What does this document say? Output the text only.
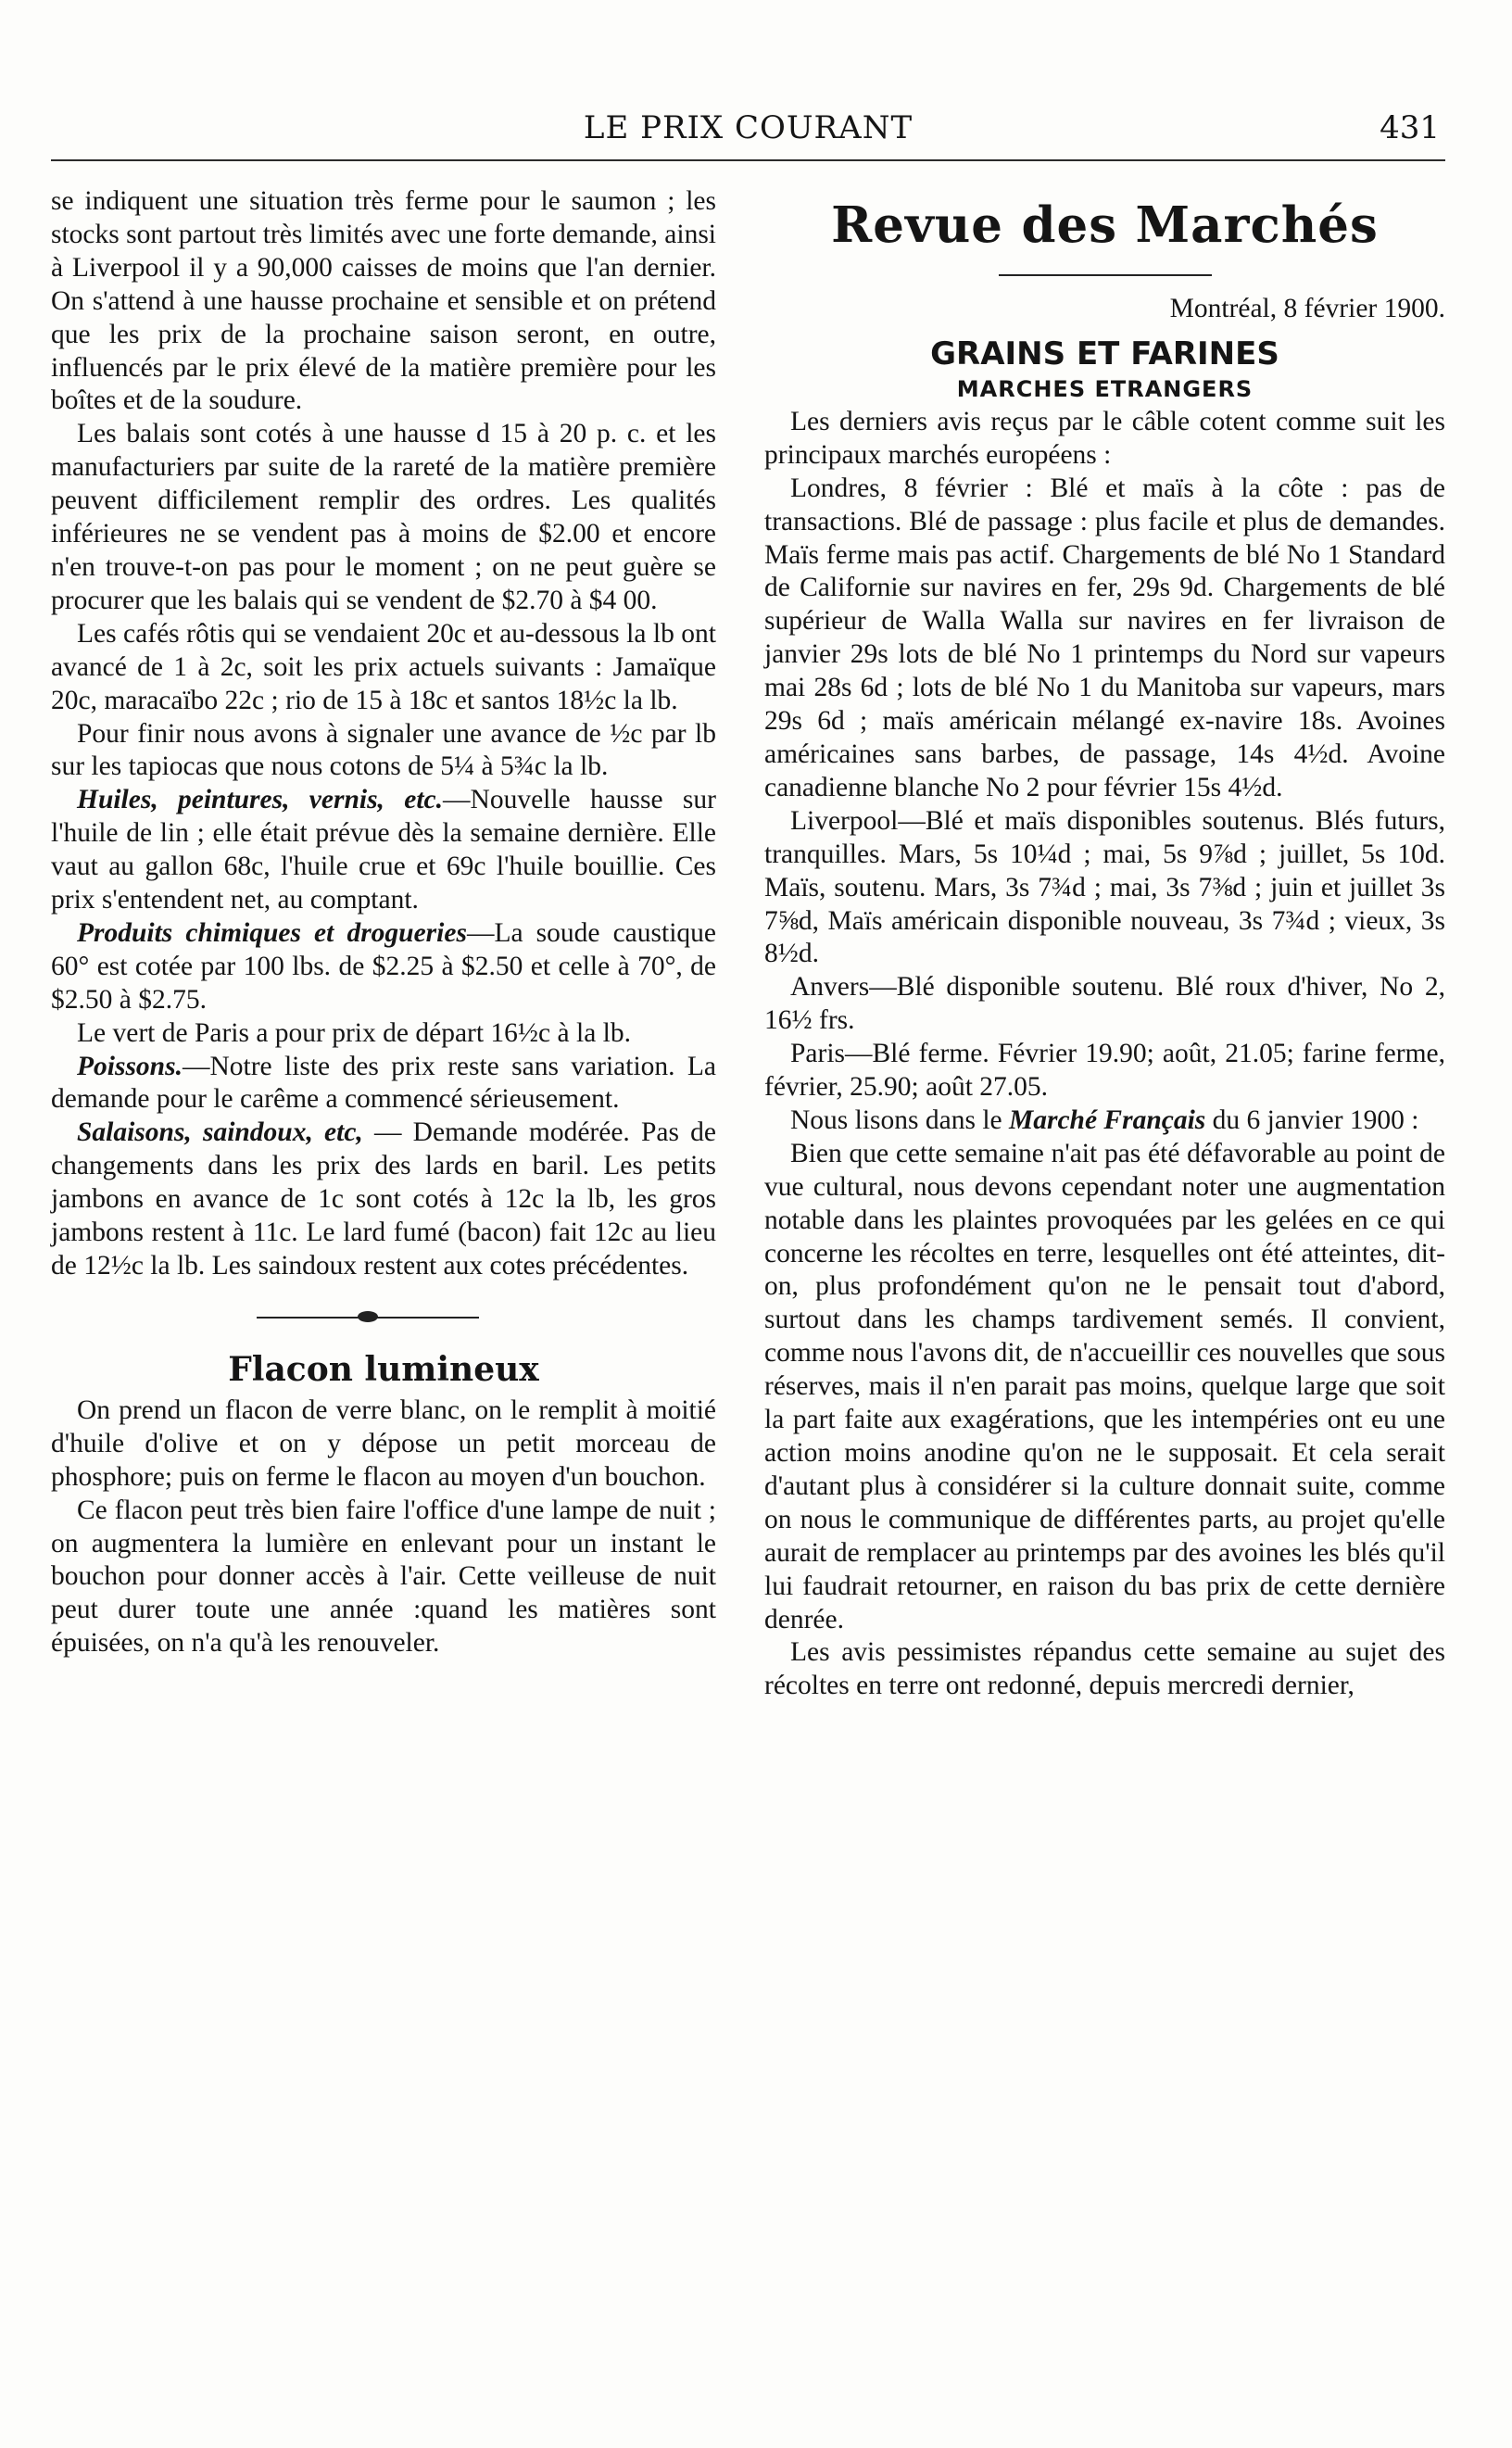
LE PRIX COURANT	431

se indiquent une situation très ferme pour le saumon ; les stocks sont partout très limités avec une forte demande, ainsi à Liverpool il y a 90,000 caisses de moins que l'an dernier. On s'attend à une hausse prochaine et sensible et on prétend que les prix de la prochaine saison seront, en outre, influencés par le prix élevé de la matière première pour les boîtes et de la soudure.

Les balais sont cotés à une hausse d 15 à 20 p. c. et les manufacturiers par suite de la rareté de la matière première peuvent difficilement remplir des ordres. Les qualités inférieures ne se vendent pas à moins de $2.00 et encore n'en trouve-t-on pas pour le moment ; on ne peut guère se procurer que les balais qui se vendent de $2.70 à $4 00.

Les cafés rôtis qui se vendaient 20c et au-dessous la lb ont avancé de 1 à 2c, soit les prix actuels suivants : Jamaïque 20c, maracaïbo 22c ; rio de 15 à 18c et santos 18½c la lb.

Pour finir nous avons à signaler une avance de ½c par lb sur les tapiocas que nous cotons de 5¼ à 5¾c la lb.

Huiles, peintures, vernis, etc.—Nouvelle hausse sur l'huile de lin ; elle était prévue dès la semaine dernière. Elle vaut au gallon 68c, l'huile crue et 69c l'huile bouillie. Ces prix s'entendent net, au comptant.

Produits chimiques et drogueries—La soude caustique 60° est cotée par 100 lbs. de $2.25 à $2.50 et celle à 70°, de $2.50 à $2.75.

Le vert de Paris a pour prix de départ 16½c à la lb.

Poissons.—Notre liste des prix reste sans variation. La demande pour le carême a commencé sérieusement.

Salaisons, saindoux, etc, — Demande modérée. Pas de changements dans les prix des lards en baril. Les petits jambons en avance de 1c sont cotés à 12c la lb, les gros jambons restent à 11c. Le lard fumé (bacon) fait 12c au lieu de 12½c la lb. Les saindoux restent aux cotes précédentes.

Flacon lumineux

On prend un flacon de verre blanc, on le remplit à moitié d'huile d'olive et on y dépose un petit morceau de phosphore; puis on ferme le flacon au moyen d'un bouchon.

Ce flacon peut très bien faire l'office d'une lampe de nuit ; on augmentera la lumière en enlevant pour un instant le bouchon pour donner accès à l'air. Cette veilleuse de nuit peut durer toute une année :quand les matières sont épuisées, on n'a qu'à les renouveler.

Revue des Marchés

Montréal, 8 février 1900.

GRAINS ET FARINES
MARCHES ETRANGERS

Les derniers avis reçus par le câble cotent comme suit les principaux marchés européens :

Londres, 8 février : Blé et maïs à la côte : pas de transactions. Blé de passage : plus facile et plus de demandes. Maïs ferme mais pas actif. Chargements de blé No 1 Standard de Californie sur navires en fer, 29s 9d. Chargements de blé supérieur de Walla Walla sur navires en fer livraison de janvier 29s lots de blé No 1 printemps du Nord sur vapeurs mai 28s 6d ; lots de blé No 1 du Manitoba sur vapeurs, mars 29s 6d ; maïs américain mélangé ex-navire 18s. Avoines américaines sans barbes, de passage, 14s 4½d. Avoine canadienne blanche No 2 pour février 15s 4½d.

Liverpool—Blé et maïs disponibles soutenus. Blés futurs, tranquilles. Mars, 5s 10¼d ; mai, 5s 9⅞d ; juillet, 5s 10d. Maïs, soutenu. Mars, 3s 7¾d ; mai, 3s 7⅜d ; juin et juillet 3s 7⅝d, Maïs américain disponible nouveau, 3s 7¾d ; vieux, 3s 8½d.

Anvers—Blé disponible soutenu. Blé roux d'hiver, No 2, 16½ frs.

Paris—Blé ferme. Février 19.90; août, 21.05; farine ferme, février, 25.90; août 27.05.

Nous lisons dans le Marché Français du 6 janvier 1900 :

Bien que cette semaine n'ait pas été défavorable au point de vue cultural, nous devons cependant noter une augmentation notable dans les plaintes provoquées par les gelées en ce qui concerne les récoltes en terre, lesquelles ont été atteintes, dit-on, plus profondément qu'on ne le pensait tout d'abord, surtout dans les champs tardivement semés. Il convient, comme nous l'avons dit, de n'accueillir ces nouvelles que sous réserves, mais il n'en parait pas moins, quelque large que soit la part faite aux exagérations, que les intempéries ont eu une action moins anodine qu'on ne le supposait. Et cela serait d'autant plus à considérer si la culture donnait suite, comme on nous le communique de différentes parts, au projet qu'elle aurait de remplacer au printemps par des avoines les blés qu'il lui faudrait retourner, en raison du bas prix de cette dernière denrée.

Les avis pessimistes répandus cette semaine au sujet des récoltes en terre ont redonné, depuis mercredi dernier,
